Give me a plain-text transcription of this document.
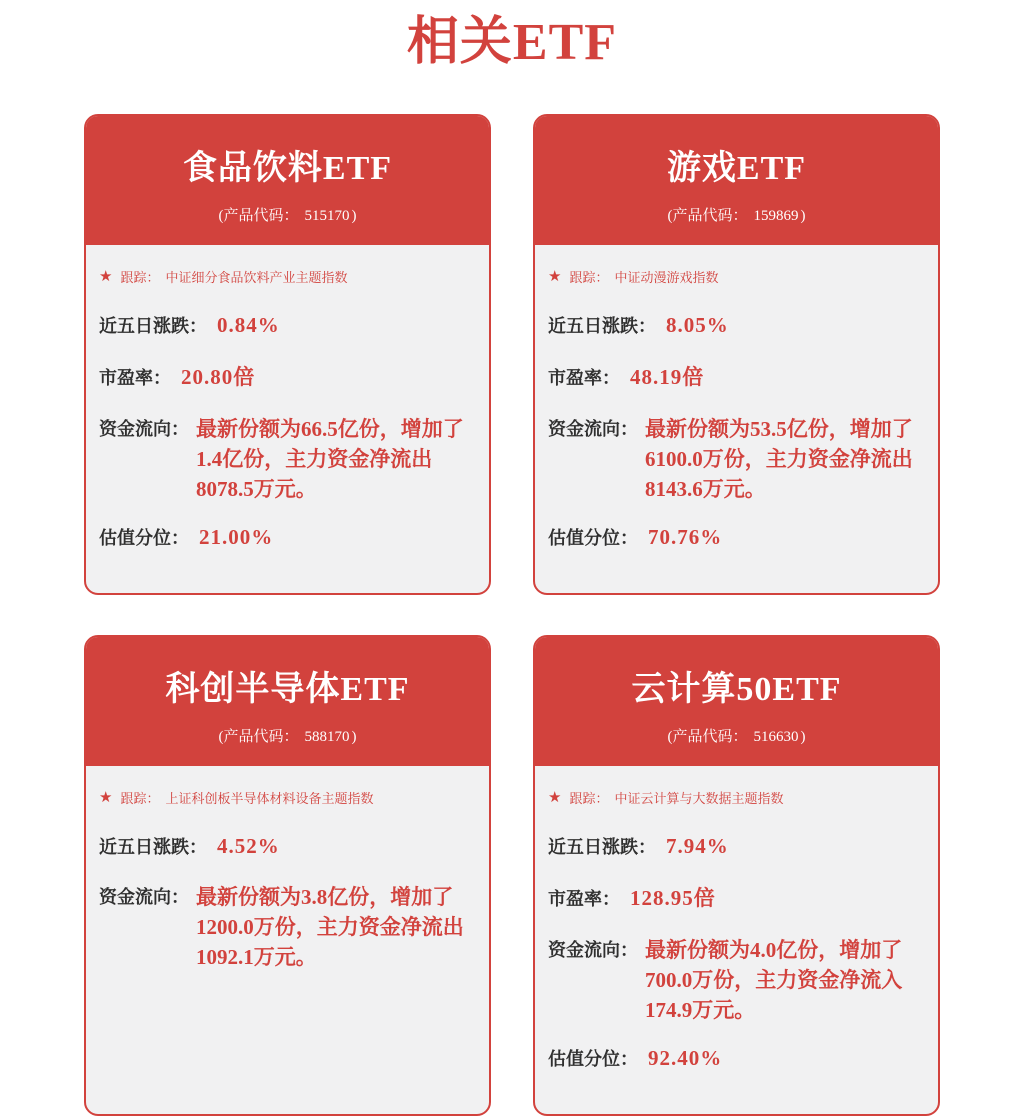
相关ETF
食品饮料ETF
(产品代码： 515170 )
★ 跟踪： 中证细分食品饮料产业主题指数
近五日涨跌： 0.84%
市盈率： 20.80倍
资金流向： 最新份额为66.5亿份，增加了1.4亿份，主力资金净流出8078.5万元。
估值分位： 21.00%
游戏ETF
(产品代码： 159869 )
★ 跟踪： 中证动漫游戏指数
近五日涨跌： 8.05%
市盈率： 48.19倍
资金流向： 最新份额为53.5亿份，增加了6100.0万份，主力资金净流出8143.6万元。
估值分位： 70.76%
科创半导体ETF
(产品代码： 588170 )
★ 跟踪： 上证科创板半导体材料设备主题指数
近五日涨跌： 4.52%
资金流向： 最新份额为3.8亿份，增加了1200.0万份，主力资金净流出1092.1万元。
云计算50ETF
(产品代码： 516630 )
★ 跟踪： 中证云计算与大数据主题指数
近五日涨跌： 7.94%
市盈率： 128.95倍
资金流向： 最新份额为4.0亿份，增加了700.0万份，主力资金净流入174.9万元。
估值分位： 92.40%
